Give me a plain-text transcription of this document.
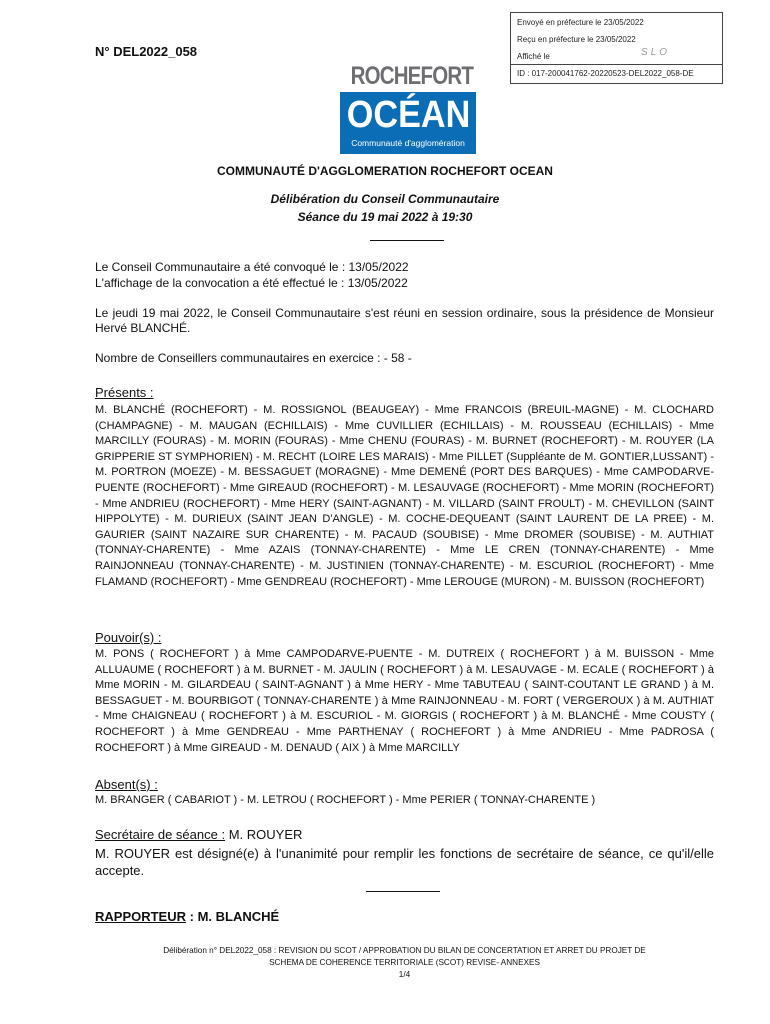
Envoyé en préfecture le 23/05/2022
Reçu en préfecture le 23/05/2022
Affiché le	SLO
ID : 017-200041762-20220523-DEL2022_058-DE
N° DEL2022_058
ROCHEFORT
OCÉAN
Communauté d'agglomération
COMMUNAUTÉ D'AGGLOMERATION ROCHEFORT OCEAN
Délibération du Conseil Communautaire
Séance du 19 mai 2022 à 19:30
Le Conseil Communautaire a été convoqué le : 13/05/2022
L'affichage de la convocation a été effectué le : 13/05/2022
Le jeudi 19 mai 2022, le Conseil Communautaire s'est réuni en session ordinaire, sous la présidence de Monsieur Hervé BLANCHÉ.
Nombre de Conseillers communautaires en exercice : - 58 -
Présents :
M. BLANCHÉ (ROCHEFORT) - M. ROSSIGNOL (BEAUGEAY) - Mme FRANCOIS (BREUIL-MAGNE) - M. CLOCHARD (CHAMPAGNE) - M. MAUGAN (ECHILLAIS) - Mme CUVILLIER (ECHILLAIS) - M. ROUSSEAU (ECHILLAIS) - Mme MARCILLY (FOURAS) - M. MORIN (FOURAS) - Mme CHENU (FOURAS) - M. BURNET (ROCHEFORT) - M. ROUYER (LA GRIPPERIE ST SYMPHORIEN) - M. RECHT (LOIRE LES MARAIS) - Mme PILLET (Suppléante de M. GONTIER,LUSSANT) - M. PORTRON (MOEZE) - M. BESSAGUET (MORAGNE) - Mme DEMENÉ (PORT DES BARQUES) - Mme CAMPODARVE-PUENTE (ROCHEFORT) - Mme GIREAUD (ROCHEFORT) - M. LESAUVAGE (ROCHEFORT) - Mme MORIN (ROCHEFORT) - Mme ANDRIEU (ROCHEFORT) - Mme HERY (SAINT-AGNANT) - M. VILLARD (SAINT FROULT) - M. CHEVILLON (SAINT HIPPOLYTE) - M. DURIEUX (SAINT JEAN D'ANGLE) - M. COCHE-DEQUEANT (SAINT LAURENT DE LA PREE) - M. GAURIER (SAINT NAZAIRE SUR CHARENTE) - M. PACAUD (SOUBISE) - Mme DROMER (SOUBISE) - M. AUTHIAT (TONNAY-CHARENTE) - Mme AZAIS (TONNAY-CHARENTE) - Mme LE CREN (TONNAY-CHARENTE) - Mme RAINJONNEAU (TONNAY-CHARENTE) - M. JUSTINIEN (TONNAY-CHARENTE) - M. ESCURIOL (ROCHEFORT) - Mme FLAMAND (ROCHEFORT) - Mme GENDREAU (ROCHEFORT) - Mme LEROUGE (MURON) - M. BUISSON (ROCHEFORT)
Pouvoir(s) :
M. PONS ( ROCHEFORT ) à Mme CAMPODARVE-PUENTE - M. DUTREIX ( ROCHEFORT ) à M. BUISSON - Mme ALLUAUME ( ROCHEFORT ) à M. BURNET - M. JAULIN ( ROCHEFORT ) à M. LESAUVAGE - M. ECALE ( ROCHEFORT ) à Mme MORIN - M. GILARDEAU ( SAINT-AGNANT ) à Mme HERY - Mme TABUTEAU ( SAINT-COUTANT LE GRAND ) à M. BESSAGUET - M. BOURBIGOT ( TONNAY-CHARENTE ) à Mme RAINJONNEAU - M. FORT ( VERGEROUX ) à M. AUTHIAT - Mme CHAIGNEAU ( ROCHEFORT ) à M. ESCURIOL - M. GIORGIS ( ROCHEFORT ) à M. BLANCHÉ - Mme COUSTY ( ROCHEFORT ) à Mme GENDREAU - Mme PARTHENAY ( ROCHEFORT ) à Mme ANDRIEU - Mme PADROSA ( ROCHEFORT ) à Mme GIREAUD - M. DENAUD ( AIX ) à Mme MARCILLY
Absent(s) :
M. BRANGER ( CABARIOT ) - M. LETROU ( ROCHEFORT ) - Mme PERIER ( TONNAY-CHARENTE )
Secrétaire de séance : M. ROUYER
M. ROUYER est désigné(e) à l'unanimité pour remplir les fonctions de secrétaire de séance, ce qu'il/elle accepte.
RAPPORTEUR : M. BLANCHÉ
Délibération n° DEL2022_058 : REVISION DU SCOT / APPROBATION DU BILAN DE CONCERTATION ET ARRET DU PROJET DE
SCHEMA DE COHERENCE TERRITORIALE (SCOT) REVISE- ANNEXES
1/4
